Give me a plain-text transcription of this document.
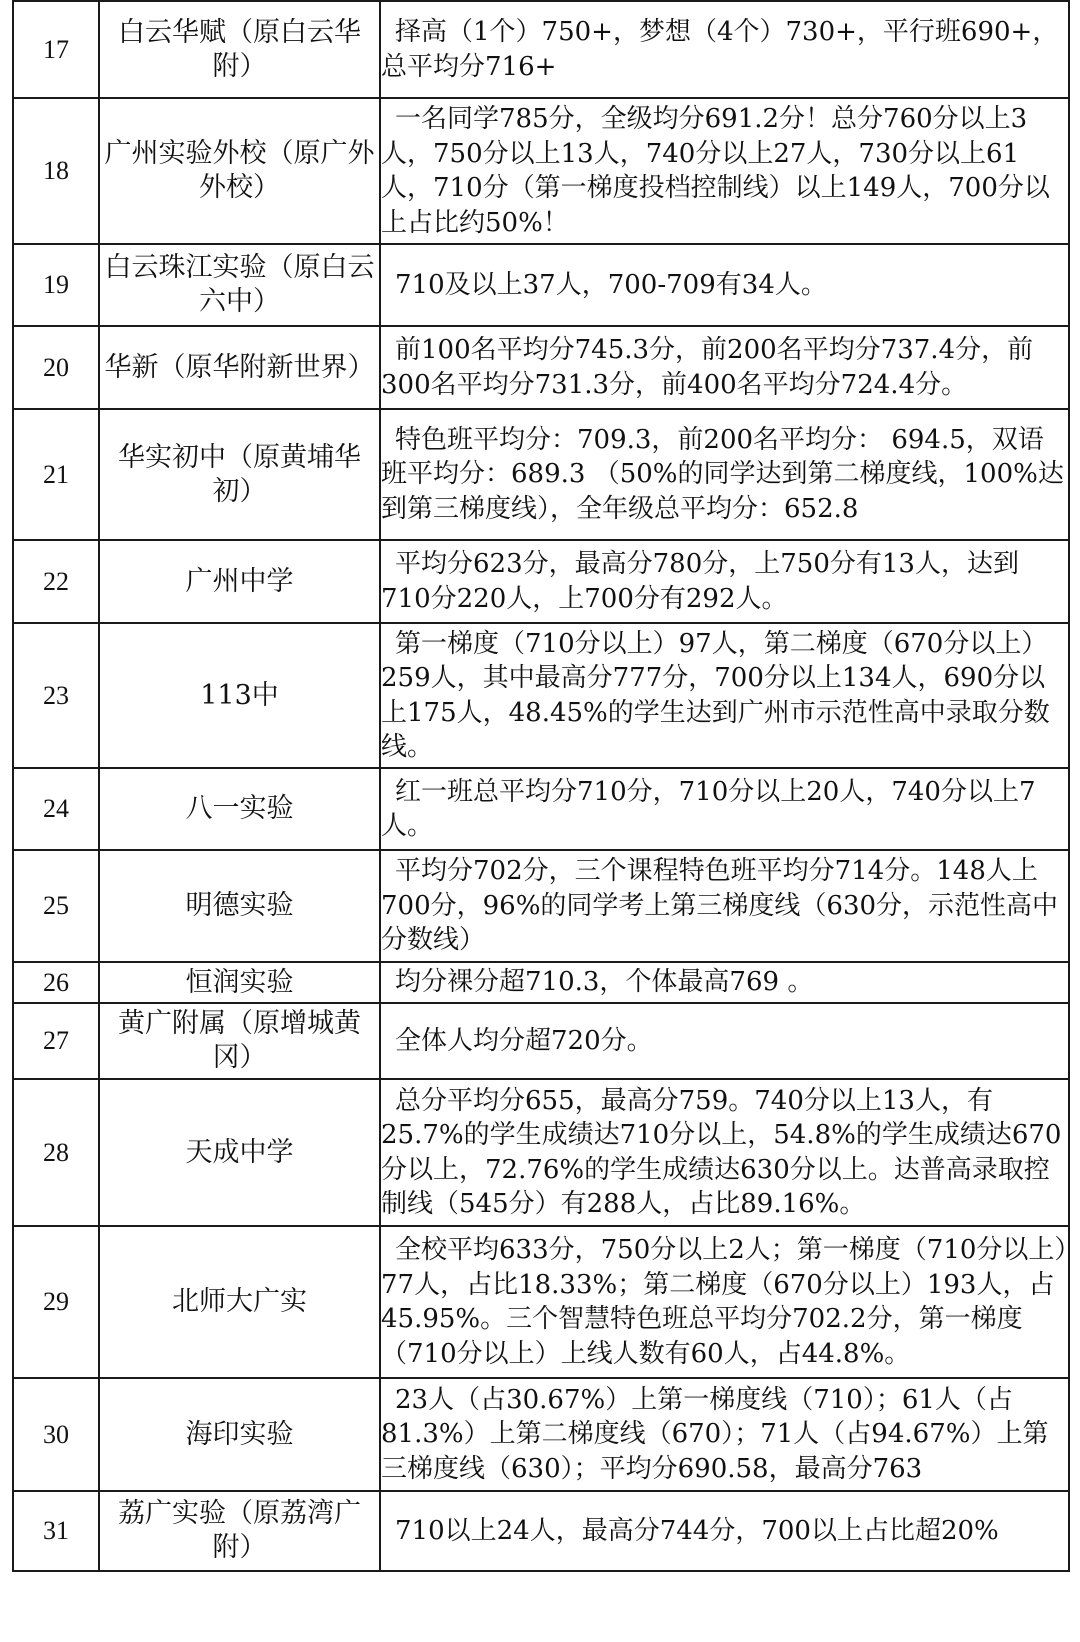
17	白云华赋（原白云华附）	择高（1个）750+，梦想（4个）730+，平行班690+，总平均分716+
18	广州实验外校（原广外外校）	一名同学785分，全级均分691.2分！总分760分以上3人，750分以上13人，740分以上27人，730分以上61人，710分（第一梯度投档控制线）以上149人，700分以上占比约50%！
19	白云珠江实验（原白云六中）	710及以上37人，700-709有34人。
20	华新（原华附新世界）	前100名平均分745.3分，前200名平均分737.4分，前300名平均分731.3分，前400名平均分724.4分。
21	华实初中（原黄埔华初）	特色班平均分：709.3，前200名平均分： 694.5，双语班平均分：689.3 （50%的同学达到第二梯度线，100%达到第三梯度线），全年级总平均分：652.8
22	广州中学	平均分623分，最高分780分，上750分有13人，达到710分220人，上700分有292人。
23	113中	第一梯度（710分以上）97人，第二梯度（670分以上）259人，其中最高分777分，700分以上134人，690分以上175人，48.45%的学生达到广州市示范性高中录取分数线。
24	八一实验	红一班总平均分710分，710分以上20人，740分以上7人。
25	明德实验	平均分702分，三个课程特色班平均分714分。148人上700分，96%的同学考上第三梯度线（630分，示范性高中分数线）
26	恒润实验	均分裸分超710.3，个体最高769 。
27	黄广附属（原增城黄冈）	全体人均分超720分。
28	天成中学	总分平均分655，最高分759。740分以上13人，有25.7%的学生成绩达710分以上，54.8%的学生成绩达670分以上，72.76%的学生成绩达630分以上。达普高录取控制线（545分）有288人，占比89.16%。
29	北师大广实	全校平均633分，750分以上2人；第一梯度（710分以上）77人，占比18.33%；第二梯度（670分以上）193人，占45.95%。三个智慧特色班总平均分702.2分，第一梯度（710分以上）上线人数有60人，占44.8%。
30	海印实验	23人（占30.67%）上第一梯度线（710）；61人（占81.3%）上第二梯度线（670）；71人（占94.67%）上第三梯度线（630）；平均分690.58，最高分763
31	荔广实验（原荔湾广附）	710以上24人，最高分744分，700以上占比超20%
